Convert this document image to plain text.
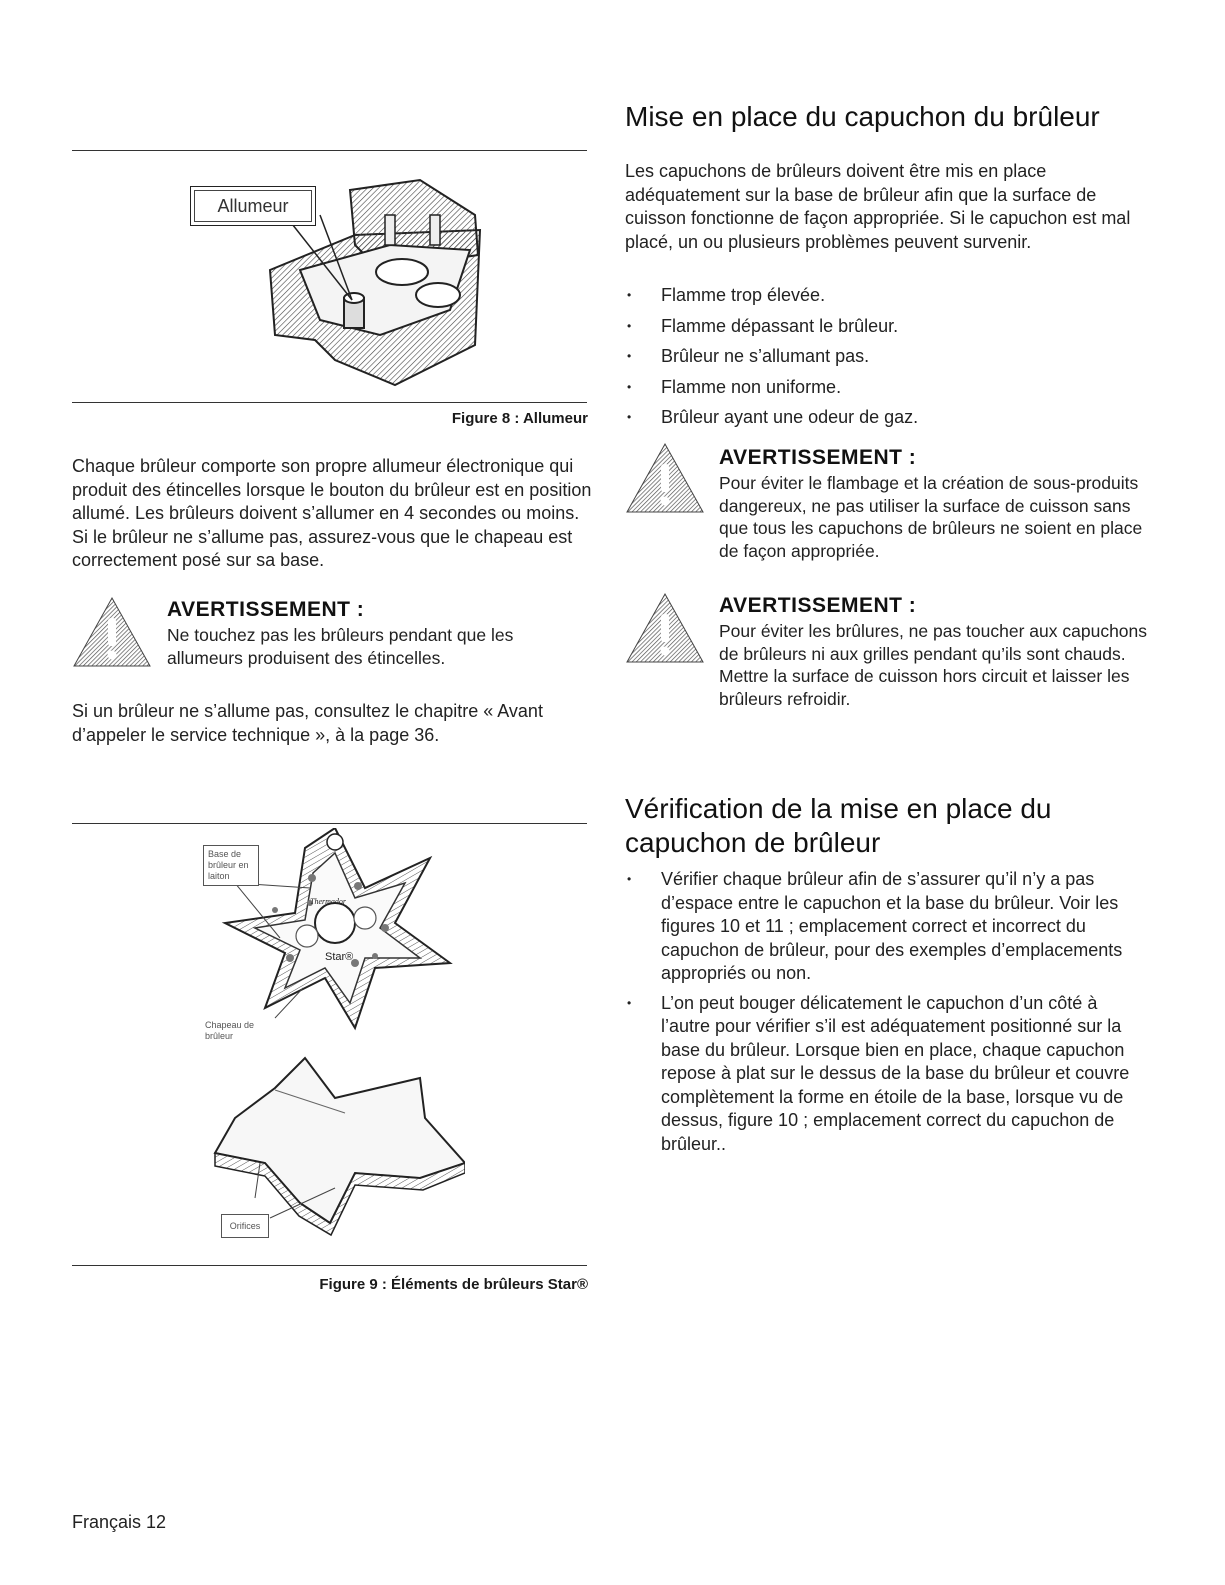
Allumeur
Figure 8 : Allumeur

Chaque brûleur comporte son propre allumeur électronique qui produit des étincelles lorsque le bouton du brûleur est en position allumé. Les brûleurs doivent s’allumer en 4 secondes ou moins. Si le brûleur ne s’allume pas, assurez-vous que le chapeau est correctement posé sur sa base.

AVERTISSEMENT :
Ne touchez pas les brûleurs pendant que les allumeurs produisent des étincelles.

Si un brûleur ne s’allume pas, consultez le chapitre « Avant d’appeler le service technique », à la page 36.

Thermador
Star®
Base de brûleur en laiton
Chapeau de brûleur
Orifices
Figure 9 : Éléments de brûleurs Star®
Mise en place du capuchon du brûleur

Les capuchons de brûleurs doivent être mis en place adéquatement sur la base de brûleur afin que la surface de cuisson fonctionne de façon appropriée. Si le capuchon est mal placé, un ou plusieurs problèmes peuvent survenir.

• Flamme trop élevée.
• Flamme dépassant le brûleur.
• Brûleur ne s’allumant pas.
• Flamme non uniforme.
• Brûleur ayant une odeur de gaz.
AVERTISSEMENT :
Pour éviter le flambage et la création de sous-produits dangereux, ne pas utiliser la surface de cuisson sans que tous les capuchons de brûleurs ne soient en place de façon appropriée.
AVERTISSEMENT :
Pour éviter les brûlures, ne pas toucher aux capuchons de brûleurs ni aux grilles pendant qu’ils sont chauds. Mettre la surface de cuisson hors circuit et laisser les brûleurs refroidir.
Vérification de la mise en place du capuchon de brûleur
• Vérifier chaque brûleur afin de s’assurer qu’il n’y a pas d’espace entre le capuchon et la base du brûleur. Voir les figures 10 et 11 ; emplacement correct et incorrect du capuchon de brûleur, pour des exemples d’emplacements appropriés ou non.
• L’on peut bouger délicatement le capuchon d’un côté à l’autre pour vérifier s’il est adéquatement positionné sur la base du brûleur. Lorsque bien en place, chaque capuchon repose à plat sur le dessus de la base du brûleur et couvre complètement la forme en étoile de la base, lorsque vu de dessus, figure 10 ; emplacement correct du capuchon de brûleur..
Français 12
